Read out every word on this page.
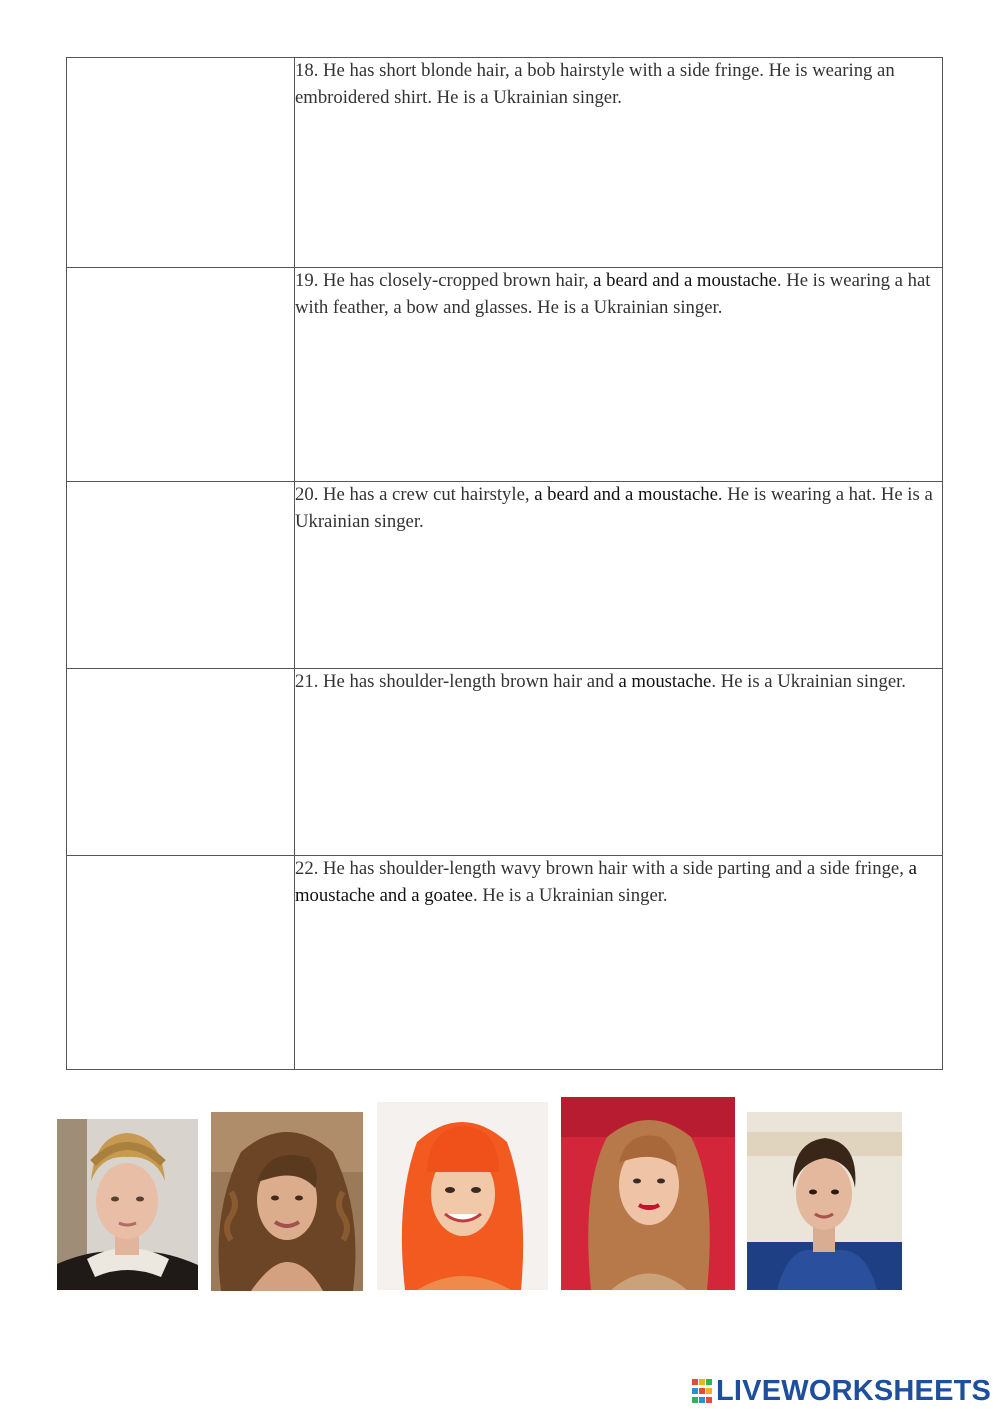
	18. He has short blonde hair, a bob hairstyle with a side fringe. He is wearing an embroidered shirt. He is a Ukrainian singer.
	19. He has closely-cropped brown hair, a beard and a moustache. He is wearing a hat with feather, a bow and glasses. He is a Ukrainian singer.
	20. He has a crew cut hairstyle, a beard and a moustache. He is wearing a hat. He is a Ukrainian singer.
	21. He has shoulder-length brown hair and a moustache. He is a Ukrainian singer.
	22. He has shoulder-length wavy brown hair with a side parting and a side fringe, a moustache and a goatee. He is a Ukrainian singer.
LIVEWORKSHEETS
